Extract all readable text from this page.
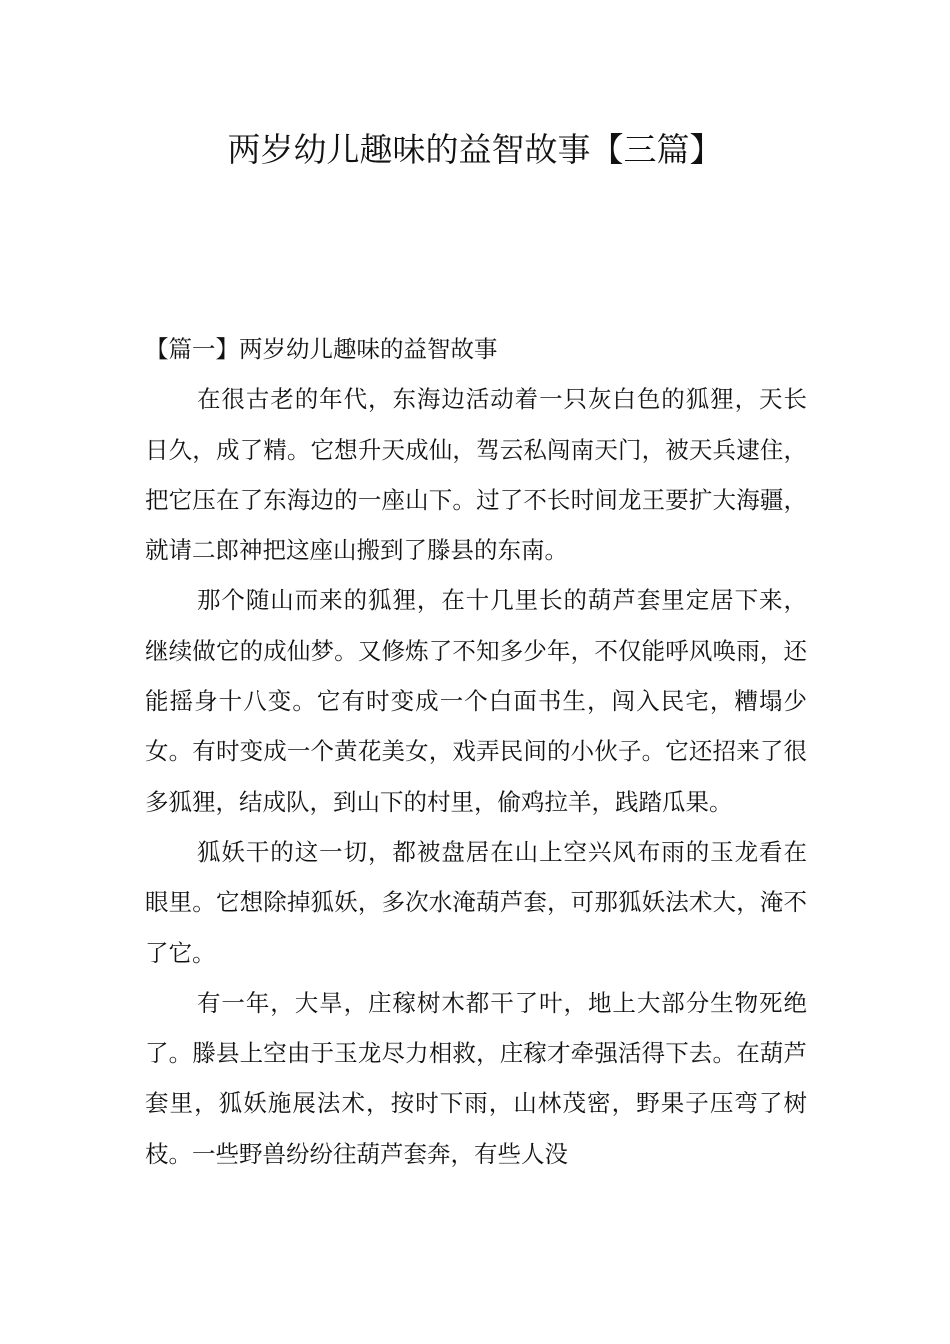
两岁幼儿趣味的益智故事【三篇】

【篇一】两岁幼儿趣味的益智故事

在很古老的年代，东海边活动着一只灰白色的狐狸，天长日久，成了精。它想升天成仙，驾云私闯南天门，被天兵逮住，把它压在了东海边的一座山下。过了不长时间龙王要扩大海疆，就请二郎神把这座山搬到了滕县的东南。

那个随山而来的狐狸，在十几里长的葫芦套里定居下来，继续做它的成仙梦。又修炼了不知多少年，不仅能呼风唤雨，还能摇身十八变。它有时变成一个白面书生，闯入民宅，糟塌少女。有时变成一个黄花美女，戏弄民间的小伙子。它还招来了很多狐狸，结成队，到山下的村里，偷鸡拉羊，践踏瓜果。

狐妖干的这一切，都被盘居在山上空兴风布雨的玉龙看在眼里。它想除掉狐妖，多次水淹葫芦套，可那狐妖法术大，淹不了它。

有一年，大旱，庄稼树木都干了叶，地上大部分生物死绝了。滕县上空由于玉龙尽力相救，庄稼才牵强活得下去。在葫芦套里，狐妖施展法术，按时下雨，山林茂密，野果子压弯了树枝。一些野兽纷纷往葫芦套奔，有些人没
